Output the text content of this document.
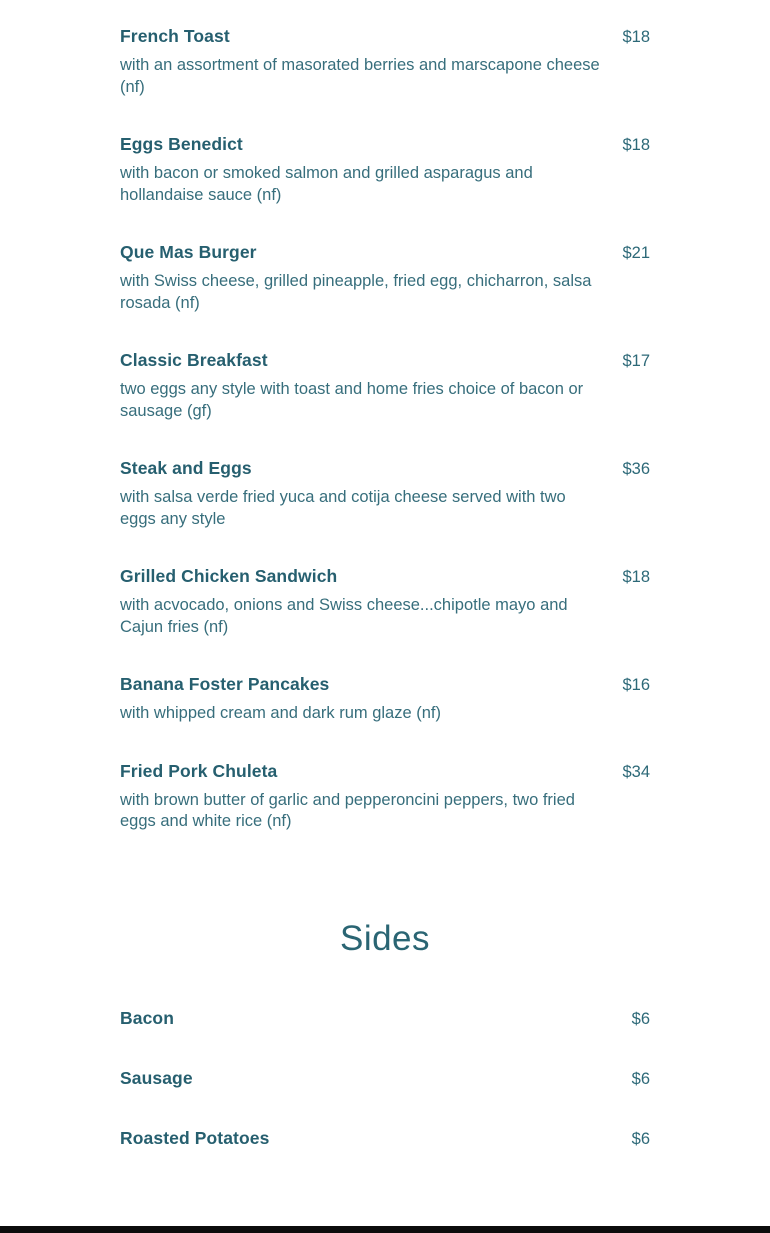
French Toast	$18
with an assortment of masorated berries and marscapone cheese (nf)
Eggs Benedict	$18
with bacon or smoked salmon and grilled asparagus and hollandaise sauce (nf)
Que Mas Burger	$21
with Swiss cheese, grilled pineapple, fried egg, chicharron, salsa rosada (nf)
Classic Breakfast	$17
two eggs any style with toast and home fries choice of bacon or sausage (gf)
Steak and Eggs	$36
with salsa verde fried yuca and cotija cheese served with two eggs any style
Grilled Chicken Sandwich	$18
with acvocado, onions and Swiss cheese...chipotle mayo and Cajun fries (nf)
Banana Foster Pancakes	$16
with whipped cream and dark rum glaze (nf)
Fried Pork Chuleta	$34
with brown butter of garlic and pepperoncini peppers, two fried eggs and white rice (nf)
Sides
Bacon	$6
Sausage	$6
Roasted Potatoes	$6
